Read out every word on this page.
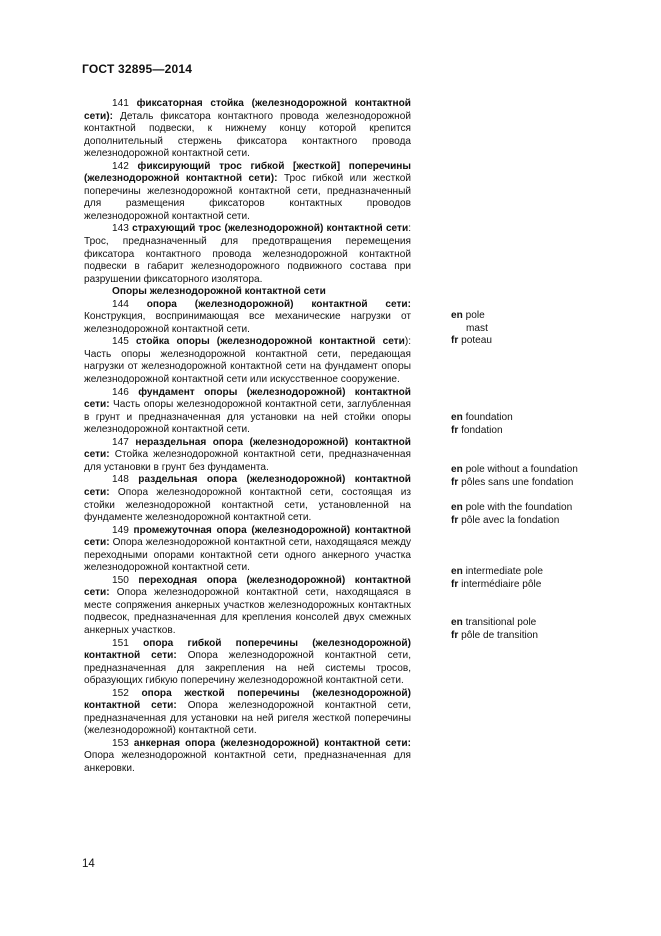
ГОСТ 32895—2014

141 фиксаторная стойка (железнодорожной контактной сети): Деталь фиксатора контактного провода железнодорожной контактной подвески, к нижнему концу которой крепится дополнительный стержень фиксатора контактного провода железнодорожной контактной сети.

142 фиксирующий трос гибкой [жесткой] поперечины (железнодорожной контактной сети): Трос гибкой или жесткой поперечины железнодорожной контактной сети, предназначенный для размещения фиксаторов контактных проводов железнодорожной контактной сети.

143 страхующий трос (железнодорожной) контактной сети: Трос, предназначенный для предотвращения перемещения фиксатора контактного провода железнодорожной контактной подвески в габарит железнодорожного подвижного состава при разрушении фиксаторного изолятора.

Опоры железнодорожной контактной сети

144 опора (железнодорожной) контактной сети: Конструкция, воспринимающая все механические нагрузки от железнодорожной контактной сети.

145 стойка опоры (железнодорожной контактной сети): Часть опоры железнодорожной контактной сети, передающая нагрузки от железнодорожной контактной сети на фундамент опоры железнодорожной контактной сети или искусственное сооружение.

146 фундамент опоры (железнодорожной) контактной сети: Часть опоры железнодорожной контактной сети, заглубленная в грунт и предназначенная для установки на ней стойки опоры железнодорожной контактной сети.

147 нераздельная опора (железнодорожной) контактной сети: Стойка железнодорожной контактной сети, предназначенная для установки в грунт без фундамента.

148 раздельная опора (железнодорожной) контактной сети: Опора железнодорожной контактной сети, состоящая из стойки железнодорожной контактной сети, установленной на фундаменте железнодорожной контактной сети.

149 промежуточная опора (железнодорожной) контактной сети: Опора железнодорожной контактной сети, находящаяся между переходными опорами контактной сети одного анкерного участка железнодорожной контактной сети.

150 переходная опора (железнодорожной) контактной сети: Опора железнодорожной контактной сети, находящаяся в месте сопряжения анкерных участков железнодорожных контактных подвесок, предназначенная для крепления консолей двух смежных анкерных участков.

151 опора гибкой поперечины (железнодорожной) контактной сети: Опора железнодорожной контактной сети, предназначенная для закрепления на ней системы тросов, образующих гибкую поперечину железнодорожной контактной сети.

152 опора жесткой поперечины (железнодорожной) контактной сети: Опора железнодорожной контактной сети, предназначенная для установки на ней ригеля жесткой поперечины (железнодорожной) контактной сети.

153 анкерная опора (железнодорожной) контактной сети: Опора железнодорожной контактной сети, предназначенная для анкеровки.

en pole
mast
fr poteau
en foundation
fr fondation
en pole without a foundation
fr pôles sans une fondation
en pole with the foundation
fr pôle avec la fondation
en intermediate pole
fr intermédiaire pôle
en transitional pole
fr pôle de transition
14
